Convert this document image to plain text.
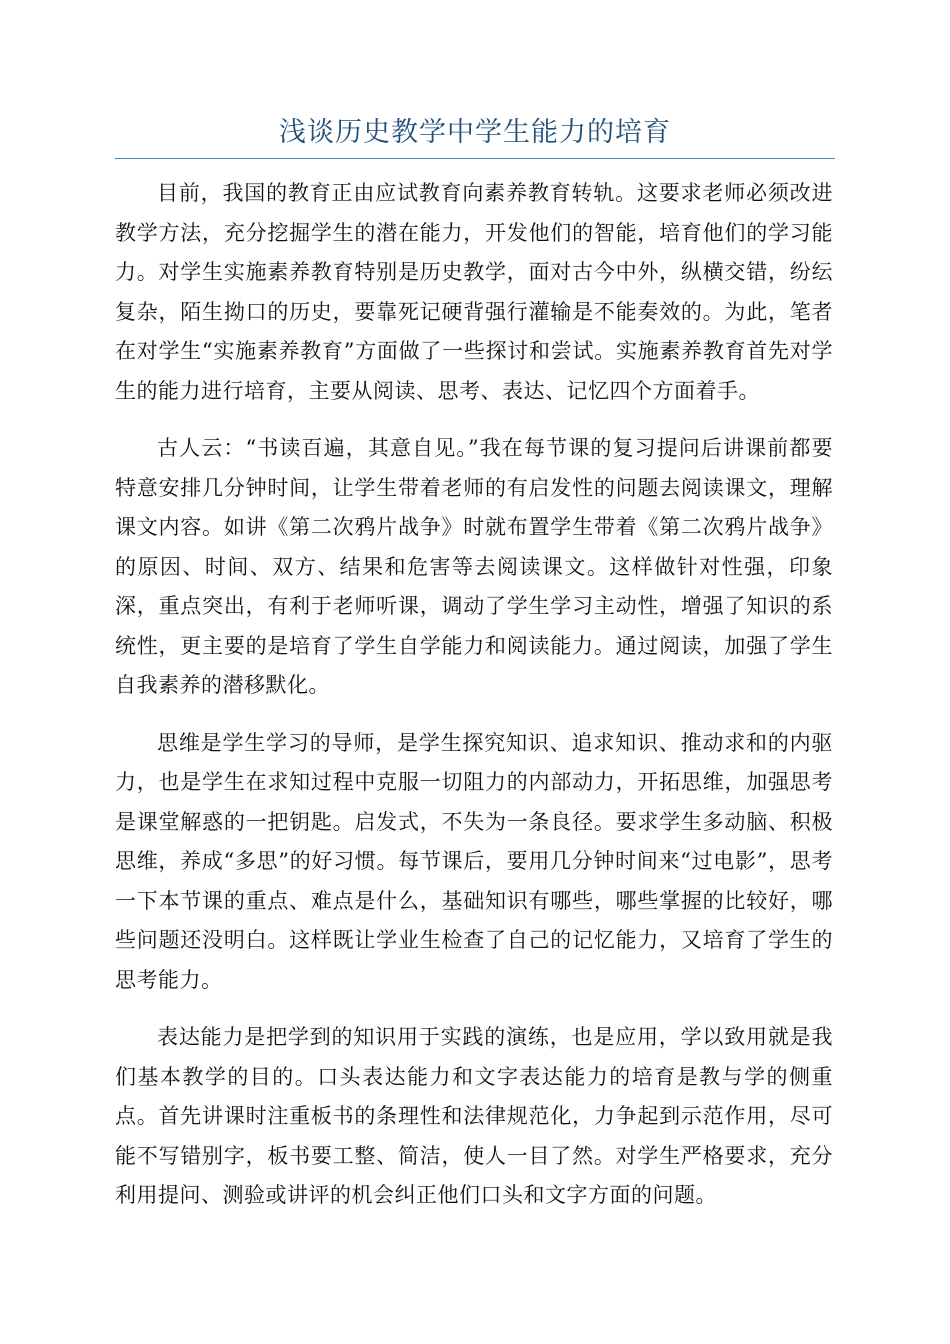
浅谈历史教学中学生能力的培育

目前，我国的教育正由应试教育向素养教育转轨。这要求老师必须改进教学方法，充分挖掘学生的潜在能力，开发他们的智能，培育他们的学习能力。对学生实施素养教育特别是历史教学，面对古今中外，纵横交错，纷纭复杂，陌生拗口的历史，要靠死记硬背强行灌输是不能奏效的。为此，笔者在对学生“实施素养教育”方面做了一些探讨和尝试。实施素养教育首先对学生的能力进行培育，主要从阅读、思考、表达、记忆四个方面着手。

古人云：“书读百遍，其意自见。”我在每节课的复习提问后讲课前都要特意安排几分钟时间，让学生带着老师的有启发性的问题去阅读课文，理解课文内容。如讲《第二次鸦片战争》时就布置学生带着《第二次鸦片战争》的原因、时间、双方、结果和危害等去阅读课文。这样做针对性强，印象深，重点突出，有利于老师听课，调动了学生学习主动性，增强了知识的系统性，更主要的是培育了学生自学能力和阅读能力。通过阅读，加强了学生自我素养的潜移默化。

思维是学生学习的导师，是学生探究知识、追求知识、推动求和的内驱力，也是学生在求知过程中克服一切阻力的内部动力，开拓思维，加强思考是课堂解惑的一把钥匙。启发式，不失为一条良径。要求学生多动脑、积极思维，养成“多思”的好习惯。每节课后，要用几分钟时间来“过电影”，思考一下本节课的重点、难点是什么，基础知识有哪些，哪些掌握的比较好，哪些问题还没明白。这样既让学业生检查了自己的记忆能力，又培育了学生的思考能力。

表达能力是把学到的知识用于实践的演练，也是应用，学以致用就是我们基本教学的目的。口头表达能力和文字表达能力的培育是教与学的侧重点。首先讲课时注重板书的条理性和法律规范化，力争起到示范作用，尽可能不写错别字，板书要工整、简洁，使人一目了然。对学生严格要求，充分利用提问、测验或讲评的机会纠正他们口头和文字方面的问题。
